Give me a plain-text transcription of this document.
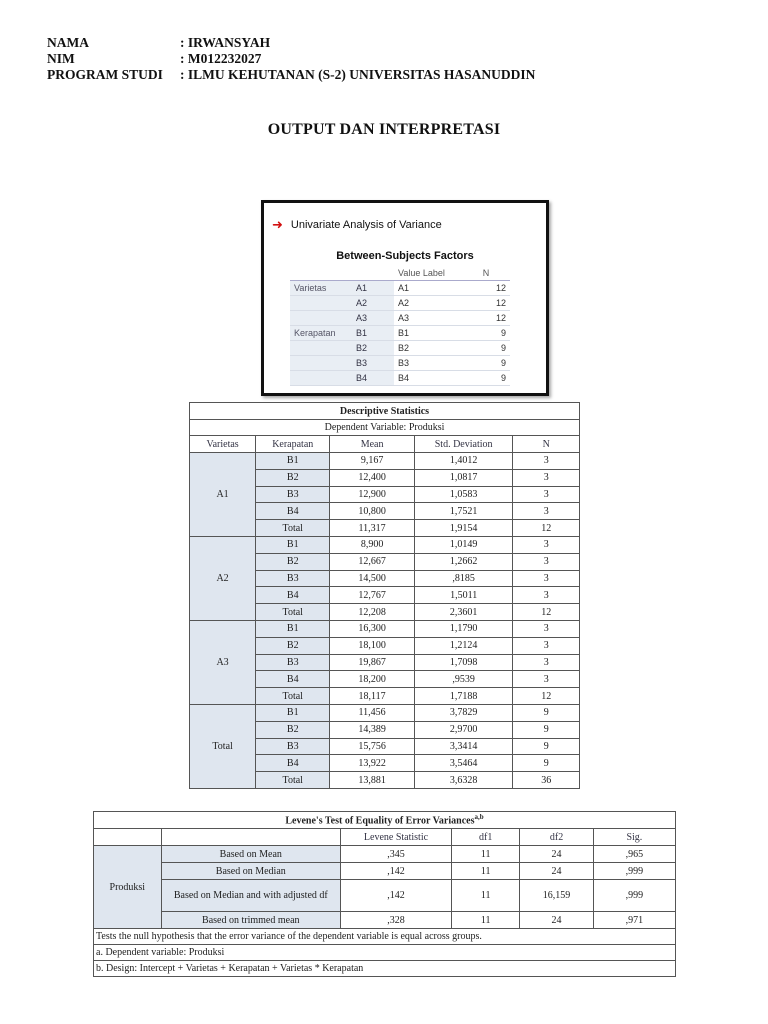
NAMA	: IRWANSYAH
NIM	: M012232027
PROGRAM STUDI	: ILMU KEHUTANAN (S-2) UNIVERSITAS HASANUDDIN
OUTPUT DAN INTERPRETASI
➜ Univariate Analysis of Variance
Between-Subjects Factors
		Value Label	N
Varietas	A1	A1	12
	A2	A2	12
	A3	A3	12
Kerapatan	B1	B1	9
	B2	B2	9
	B3	B3	9
	B4	B4	9
Descriptive Statistics				
Dependent Variable: Produksi				
Varietas	Kerapatan	Mean	Std. Deviation	N
A1	B1	9,167	1,4012	3
	B2	12,400	1,0817	3
	B3	12,900	1,0583	3
	B4	10,800	1,7521	3
	Total	11,317	1,9154	12
A2	B1	8,900	1,0149	3
	B2	12,667	1,2662	3
	B3	14,500	,8185	3
	B4	12,767	1,5011	3
	Total	12,208	2,3601	12
A3	B1	16,300	1,1790	3
	B2	18,100	1,2124	3
	B3	19,867	1,7098	3
	B4	18,200	,9539	3
	Total	18,117	1,7188	12
Total	B1	11,456	3,7829	9
	B2	14,389	2,9700	9
	B3	15,756	3,3414	9
	B4	13,922	3,5464	9
	Total	13,881	3,6328	36
Levene's Test of Equality of Error Variances$^{a,b}$
		Levene Statistic	df1	df2	Sig.
Produksi	Based on Mean	,345	11	24	,965
	Based on Median	,142	11	24	,999
	Based on Median and with adjusted df	,142	11	16,159	,999
	Based on trimmed mean	,328	11	24	,971
Tests the null hypothesis that the error variance of the dependent variable is equal across groups.					
a. Dependent variable: Produksi					
b. Design: Intercept + Varietas + Kerapatan + Varietas * Kerapatan					
